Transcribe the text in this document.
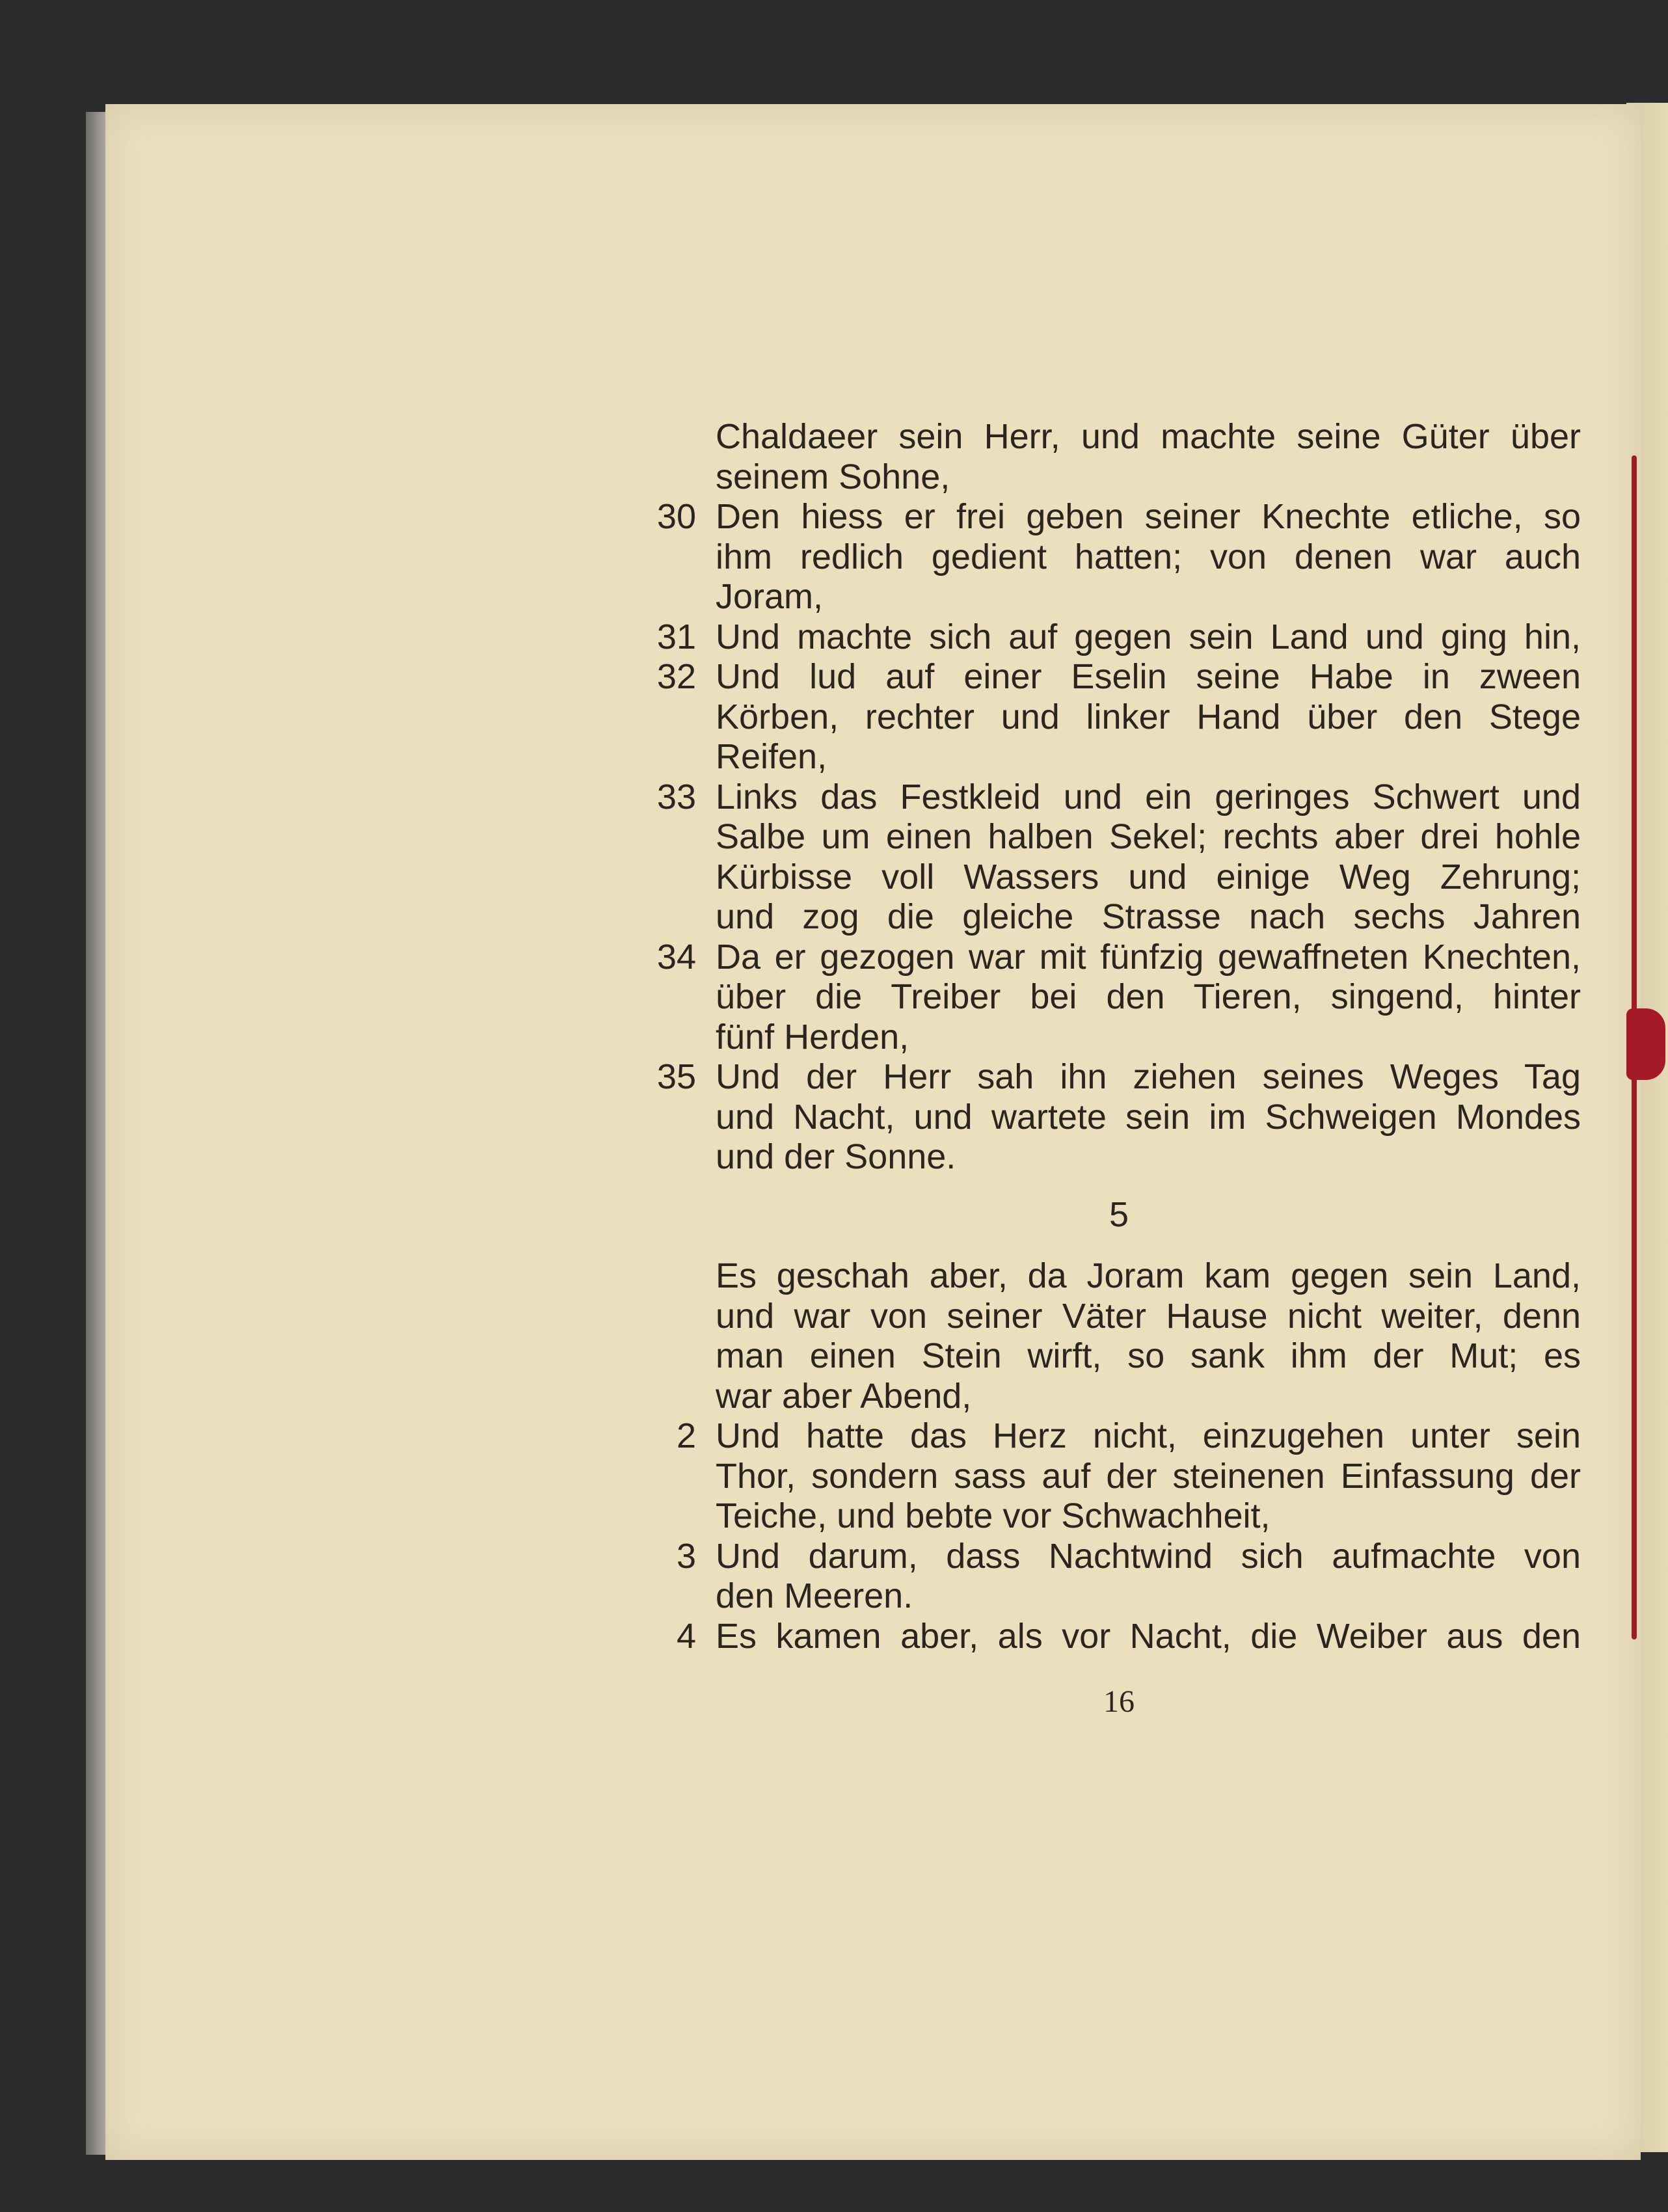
Chaldaeer sein Herr, und machte seine Güter über
seinem Sohne,
30 Den hiess er frei geben seiner Knechte etliche, so
ihm redlich gedient hatten; von denen war auch
Joram,
31 Und machte sich auf gegen sein Land und ging hin,
32 Und lud auf einer Eselin seine Habe in zween
Körben, rechter und linker Hand über den Stege
Reifen,
33 Links das Festkleid und ein geringes Schwert und
Salbe um einen halben Sekel; rechts aber drei hohle
Kürbisse voll Wassers und einige Weg Zehrung;
und zog die gleiche Strasse nach sechs Jahren
34 Da er gezogen war mit fünfzig gewaffneten Knechten,
über die Treiber bei den Tieren, singend, hinter
fünf Herden,
35 Und der Herr sah ihn ziehen seines Weges Tag
und Nacht, und wartete sein im Schweigen Mondes
und der Sonne.
5
Es geschah aber, da Joram kam gegen sein Land,
und war von seiner Väter Hause nicht weiter, denn
man einen Stein wirft, so sank ihm der Mut; es
war aber Abend,
2 Und hatte das Herz nicht, einzugehen unter sein
Thor, sondern sass auf der steinenen Einfassung der
Teiche, und bebte vor Schwachheit,
3 Und darum, dass Nachtwind sich aufmachte von
den Meeren.
4 Es kamen aber, als vor Nacht, die Weiber aus den
16
